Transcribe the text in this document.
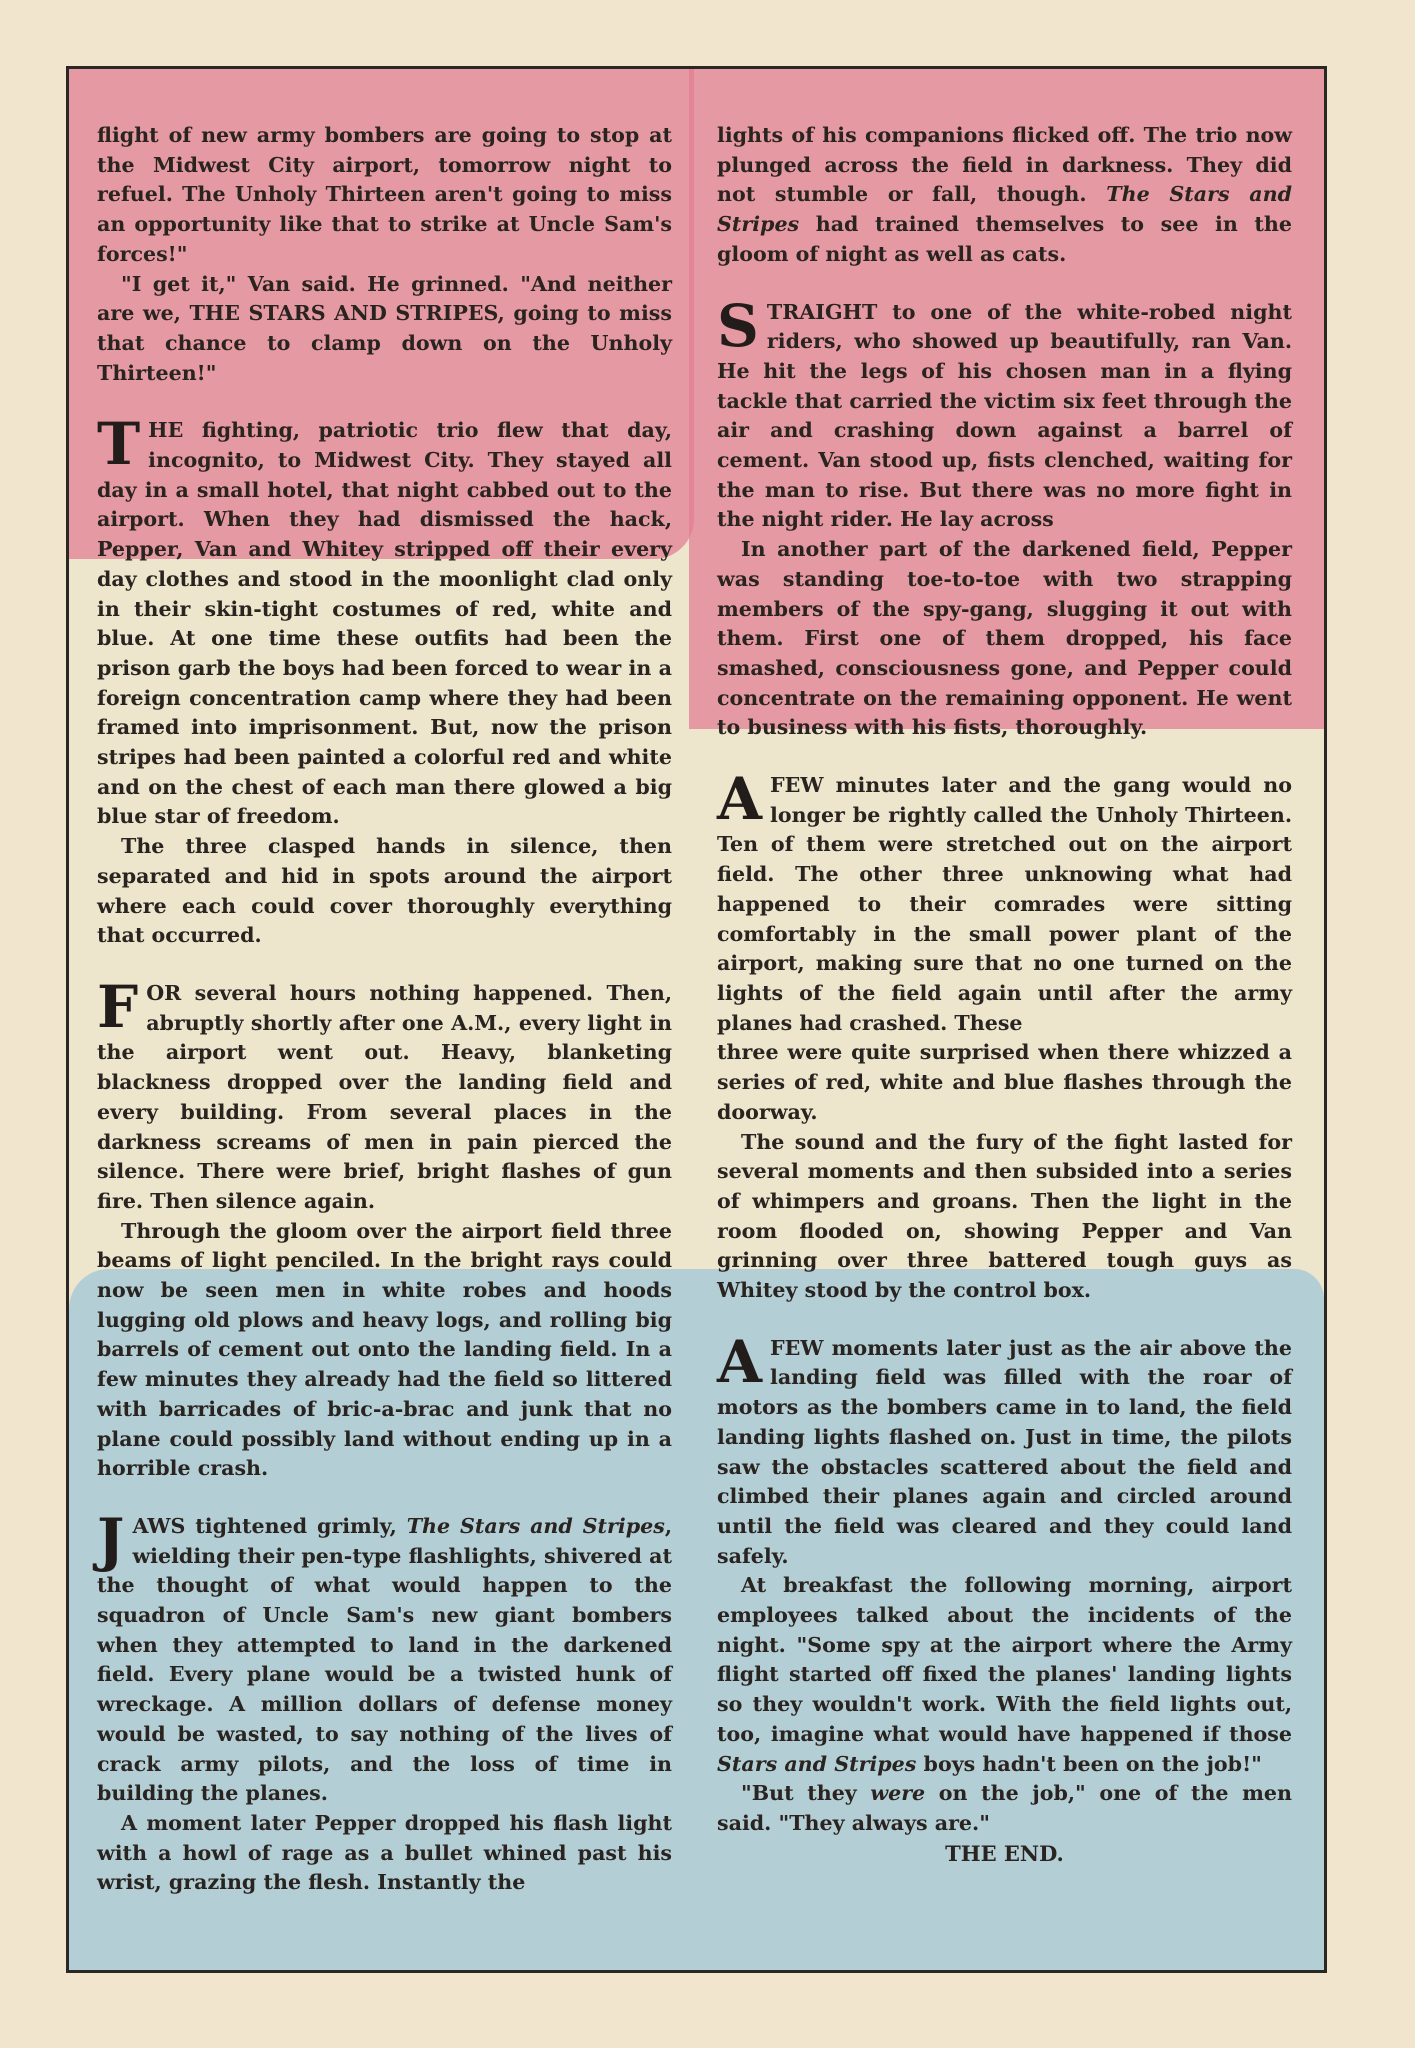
flight of new army bombers are going to stop at the Midwest City airport, tomorrow night to refuel. The Unholy Thirteen aren't going to miss an opportunity like that to strike at Uncle Sam's forces!"

"I get it," Van said. He grinned. "And neither are we, THE STARS AND STRIPES, going to miss that chance to clamp down on the Unholy Thirteen!"

THE fighting, patriotic trio flew that day, incognito, to Midwest City. They stayed all day in a small hotel, that night cabbed out to the airport. When they had dismissed the hack, Pepper, Van and Whitey stripped off their every day clothes and stood in the moonlight clad only in their skin-tight costumes of red, white and blue. At one time these outfits had been the prison garb the boys had been forced to wear in a foreign concentration camp where they had been framed into imprisonment. But, now the prison stripes had been painted a colorful red and white and on the chest of each man there glowed a big blue star of freedom.

The three clasped hands in silence, then separated and hid in spots around the airport where each could cover thoroughly everything that occurred.

FOR several hours nothing happened. Then, abruptly shortly after one A.M., every light in the airport went out. Heavy, blanketing blackness dropped over the landing field and every building. From several places in the darkness screams of men in pain pierced the silence. There were brief, bright flashes of gun fire. Then silence again.

Through the gloom over the airport field three beams of light penciled. In the bright rays could now be seen men in white robes and hoods lugging old plows and heavy logs, and rolling big barrels of cement out onto the landing field. In a few minutes they already had the field so littered with barricades of bric-a-brac and junk that no plane could possibly land without ending up in a horrible crash.

JAWS tightened grimly, The Stars and Stripes, wielding their pen-type flashlights, shivered at the thought of what would happen to the squadron of Uncle Sam's new giant bombers when they attempted to land in the darkened field. Every plane would be a twisted hunk of wreckage. A million dollars of defense money would be wasted, to say nothing of the lives of crack army pilots, and the loss of time in building the planes.

A moment later Pepper dropped his flash light with a howl of rage as a bullet whined past his wrist, grazing the flesh. Instantly the

lights of his companions flicked off. The trio now plunged across the field in darkness. They did not stumble or fall, though. The Stars and Stripes had trained themselves to see in the gloom of night as well as cats.

STRAIGHT to one of the white-robed night riders, who showed up beautifully, ran Van. He hit the legs of his chosen man in a flying tackle that carried the victim six feet through the air and crashing down against a barrel of cement. Van stood up, fists clenched, waiting for the man to rise. But there was no more fight in the night rider. He lay across

In another part of the darkened field, Pepper was standing toe-to-toe with two strapping members of the spy-gang, slugging it out with them. First one of them dropped, his face smashed, consciousness gone, and Pepper could concentrate on the remaining opponent. He went to business with his fists, thoroughly.

A FEW minutes later and the gang would no longer be rightly called the Unholy Thirteen. Ten of them were stretched out on the airport field. The other three unknowing what had happened to their comrades were sitting comfortably in the small power plant of the airport, making sure that no one turned on the lights of the field again until after the army planes had crashed. These

three were quite surprised when there whizzed a series of red, white and blue flashes through the doorway.

The sound and the fury of the fight lasted for several moments and then subsided into a series of whimpers and groans. Then the light in the room flooded on, showing Pepper and Van grinning over three battered tough guys as Whitey stood by the control box.

A FEW moments later just as the air above the landing field was filled with the roar of motors as the bombers came in to land, the field landing lights flashed on. Just in time, the pilots saw the obstacles scattered about the field and climbed their planes again and circled around until the field was cleared and they could land safely.

At breakfast the following morning, airport employees talked about the incidents of the night. "Some spy at the airport where the Army flight started off fixed the planes' landing lights so they wouldn't work. With the field lights out, too, imagine what would have happened if those Stars and Stripes boys hadn't been on the job!"

"But they were on the job," one of the men said. "They always are."

THE END.
